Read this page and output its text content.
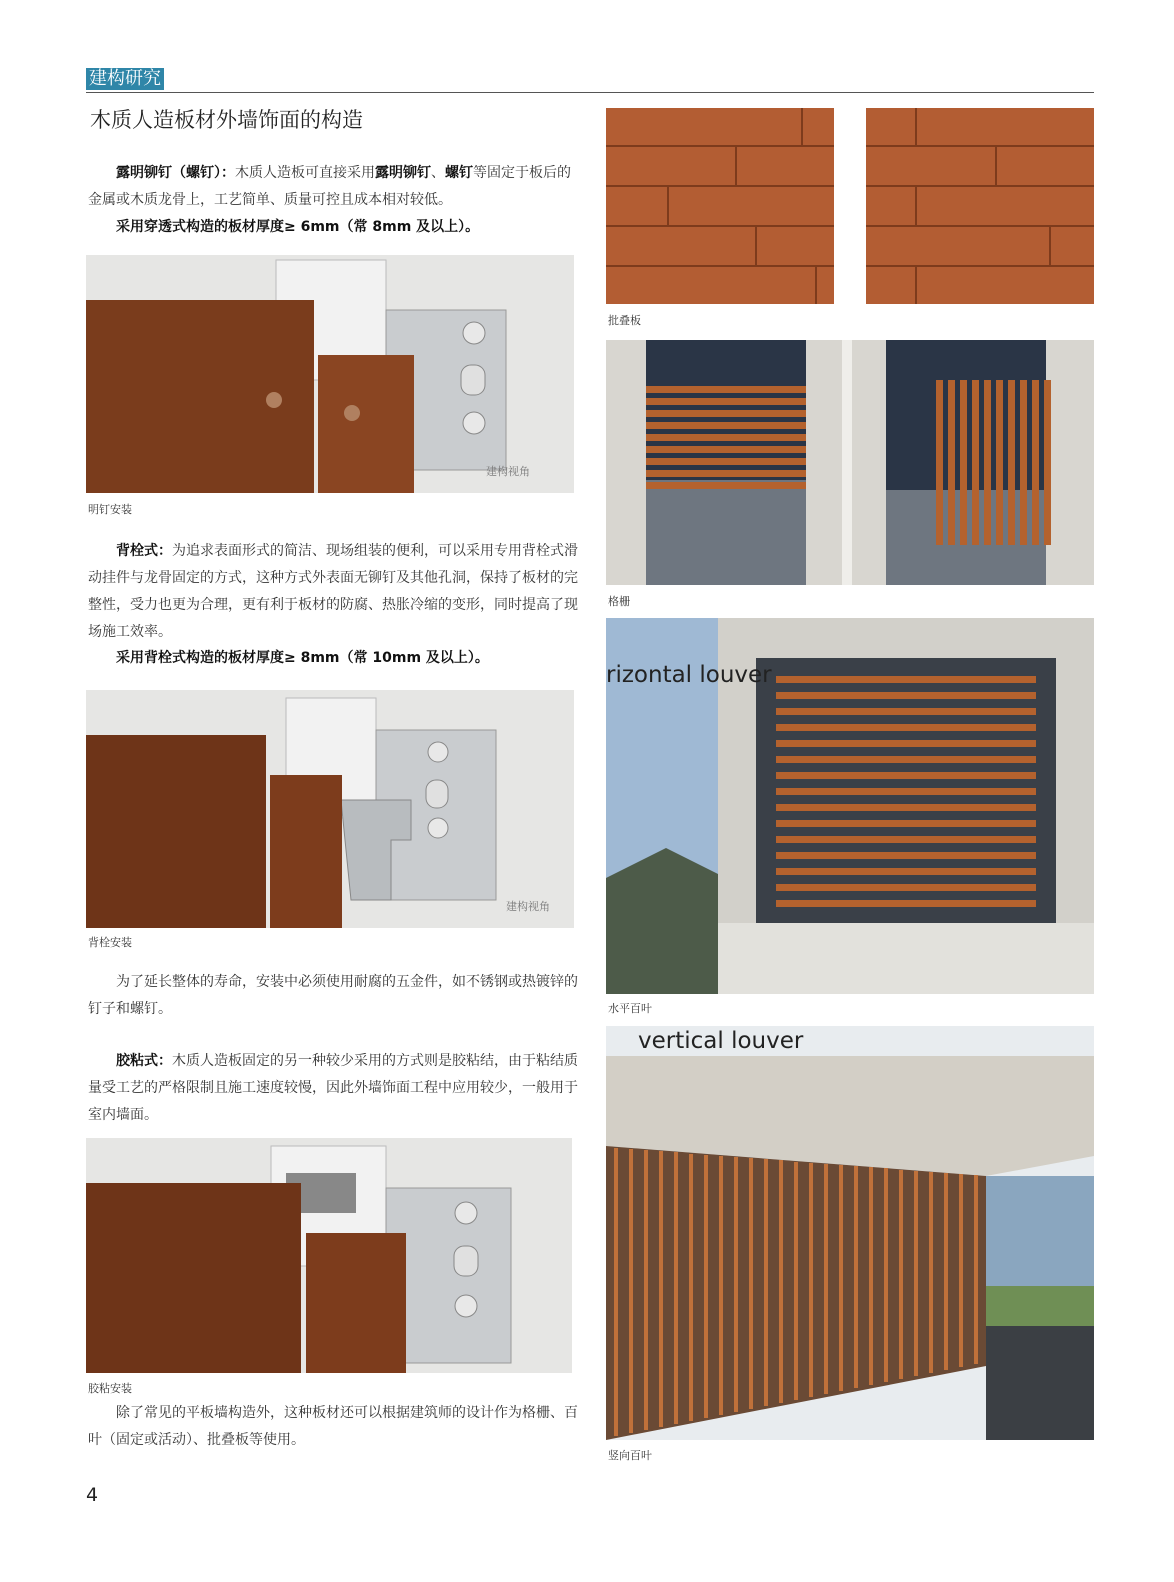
建构研究
木质人造板材外墙饰面的构造
露明铆钉（螺钉）：木质人造板可直接采用露明铆钉、螺钉等固定于板后的金属或木质龙骨上，工艺简单、质量可控且成本相对较低。
采用穿透式构造的板材厚度≥ 6mm（常 8mm 及以上）。
建构视角
明钉安装
背栓式：为追求表面形式的简洁、现场组装的便利，可以采用专用背栓式滑动挂件与龙骨固定的方式，这种方式外表面无铆钉及其他孔洞，保持了板材的完整性，受力也更为合理，更有利于板材的防腐、热胀冷缩的变形，同时提高了现场施工效率。
采用背栓式构造的板材厚度≥ 8mm（常 10mm 及以上）。
建构视角
背栓安装
为了延长整体的寿命，安装中必须使用耐腐的五金件，如不锈钢或热镀锌的钉子和螺钉。
胶粘式：木质人造板固定的另一种较少采用的方式则是胶粘结，由于粘结质量受工艺的严格限制且施工速度较慢，因此外墙饰面工程中应用较少，一般用于室内墙面。
胶粘安装
除了常见的平板墙构造外，这种板材还可以根据建筑师的设计作为格栅、百叶（固定或活动）、批叠板等使用。
批叠板
格栅
rizontal louver
水平百叶
vertical louver
竖向百叶
4
